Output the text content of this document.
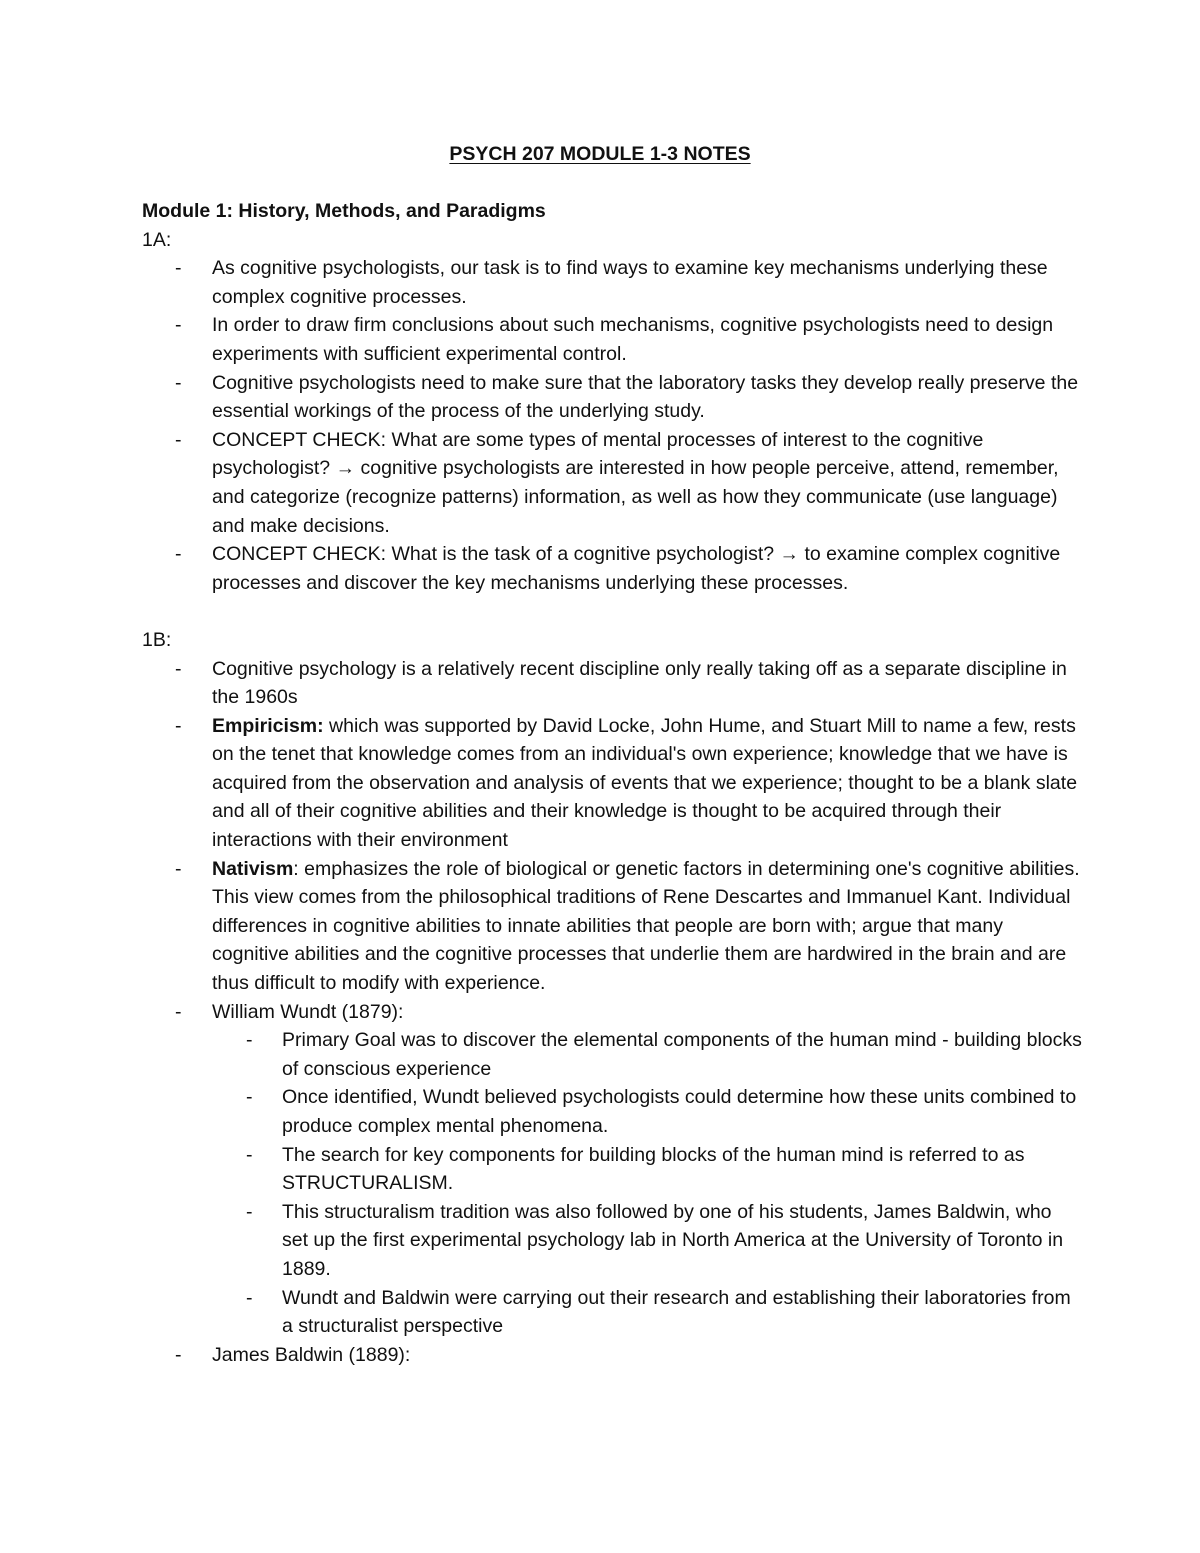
PSYCH 207 MODULE 1-3 NOTES

Module 1: History, Methods, and Paradigms

1A:

- As cognitive psychologists, our task is to find ways to examine key mechanisms underlying these complex cognitive processes.
- In order to draw firm conclusions about such mechanisms, cognitive psychologists need to design experiments with sufficient experimental control.
- Cognitive psychologists need to make sure that the laboratory tasks they develop really preserve the essential workings of the process of the underlying study.
- CONCEPT CHECK: What are some types of mental processes of interest to the cognitive psychologist? → cognitive psychologists are interested in how people perceive, attend, remember, and categorize (recognize patterns) information, as well as how they communicate (use language) and make decisions.
- CONCEPT CHECK: What is the task of a cognitive psychologist? → to examine complex cognitive processes and discover the key mechanisms underlying these processes.

1B:

- Cognitive psychology is a relatively recent discipline only really taking off as a separate discipline in the 1960s
- Empiricism: which was supported by David Locke, John Hume, and Stuart Mill to name a few, rests on the tenet that knowledge comes from an individual's own experience; knowledge that we have is acquired from the observation and analysis of events that we experience; thought to be a blank slate and all of their cognitive abilities and their knowledge is thought to be acquired through their interactions with their environment
- Nativism: emphasizes the role of biological or genetic factors in determining one's cognitive abilities. This view comes from the philosophical traditions of Rene Descartes and Immanuel Kant. Individual differences in cognitive abilities to innate abilities that people are born with; argue that many cognitive abilities and the cognitive processes that underlie them are hardwired in the brain and are thus difficult to modify with experience.
- William Wundt (1879):
- Primary Goal was to discover the elemental components of the human mind - building blocks of conscious experience
- Once identified, Wundt believed psychologists could determine how these units combined to produce complex mental phenomena.
- The search for key components for building blocks of the human mind is referred to as STRUCTURALISM.
- This structuralism tradition was also followed by one of his students, James Baldwin, who set up the first experimental psychology lab in North America at the University of Toronto in 1889.
- Wundt and Baldwin were carrying out their research and establishing their laboratories from a structuralist perspective
- James Baldwin (1889):
